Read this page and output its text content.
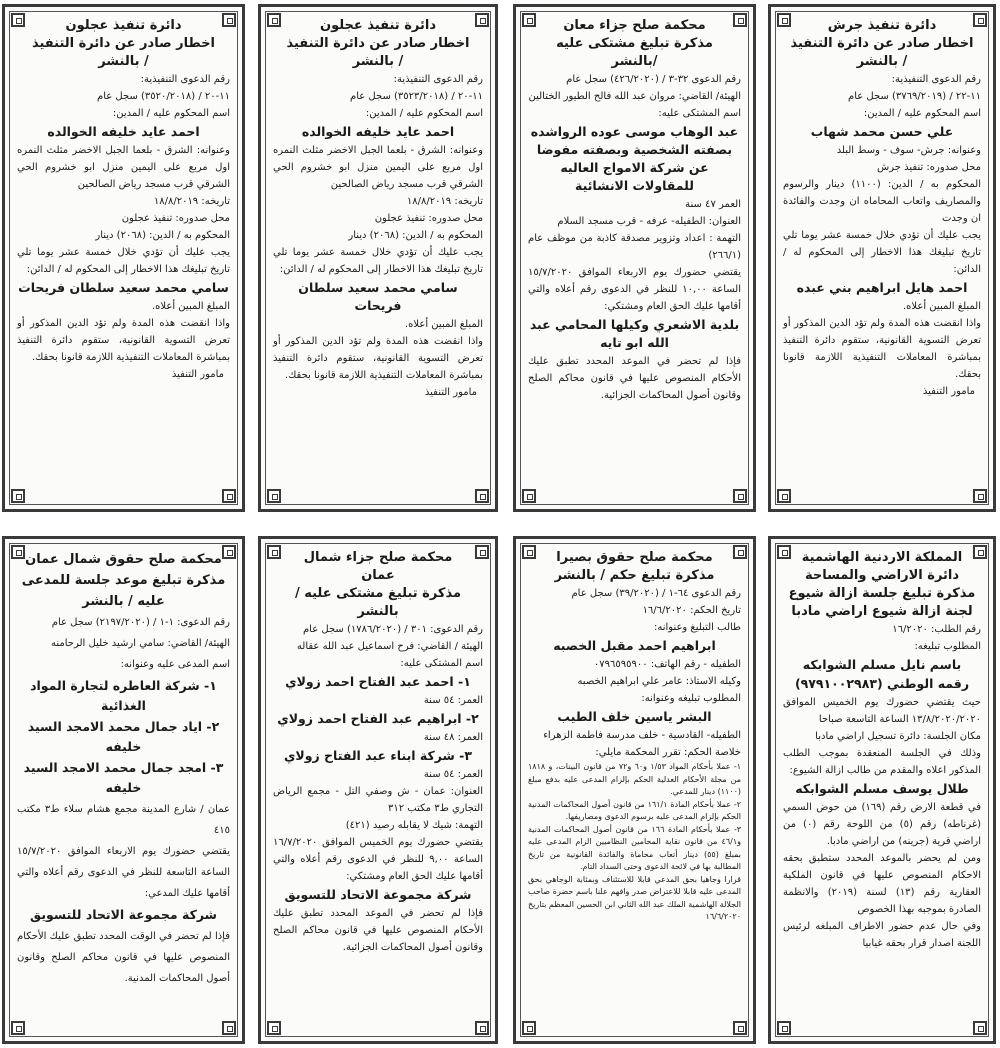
دائرة تنفيذ جرش
اخطار صادر عن دائرة التنفيذ
/ بالنشر
رقم الدعوى التنفيذية:
١١-٢٢ / (٣٧٦٩/٢٠١٩) سجل عام
اسم المحكوم عليه / المدين:
علي حسن محمد شهاب
وعنوانه: جرش- سوف - وسط البلد
محل صدوره: تنفيذ جرش
المحكوم به / الدين: (١١٠٠) دينار والرسوم والمصاريف واتعاب المحاماه ان وجدت والفائدة ان وجدت
يجب عليك أن تؤدي خلال خمسة عشر يوما تلي تاريخ تبليغك هذا الاخطار إلى المحكوم له / الدائن:
احمد هايل ابراهيم بني عبده
المبلغ المبين أعلاه.
واذا انقضت هذه المدة ولم تؤد الدين المذكور أو تعرض التسوية القانونية، ستقوم دائرة التنفيذ بمباشرة المعاملات التنفيذية اللازمة قانونا بحقك.
مامور التنفيذ
محكمة صلح جزاء معان
مذكرة تبليغ مشتكى عليه
/بالنشر
رقم الدعوى ٣٢-٣ / (٤٢٦/٢٠٢٠) سجل عام
الهيئة/ القاضي: مروان عبد الله فالح الطيور الختالين
اسم المشتكى عليه:
عبد الوهاب موسى عوده الرواشده بصفته الشخصية وبصفته مفوضا عن شركة الامواج العاليه للمقاولات الانشائية
العمر ٤٧ سنة
العنوان: الطفيله- عرفه - قرب مسجد السلام
التهمة : اعداد وتزوير مصدقة كاذبة من موظف عام (٢٦٦/١)
يقتضي حضورك يوم الاربعاء الموافق ١٥/٧/٢٠٢٠ الساعة ١٠,٠٠ للنظر في الدعوى رقم أعلاه والتي أقامها عليك الحق العام ومشتكي:
بلدية الاشعري وكيلها المحامي عبد الله ابو تايه
فإذا لم تحضر في الموعد المحدد تطبق عليك الأحكام المنصوص عليها في قانون محاكم الصلح وقانون أصول المحاكمات الجزائية.
دائرة تنفيذ عجلون
اخطار صادر عن دائرة التنفيذ
/ بالنشر
رقم الدعوى التنفيذية:
١١-٢٠ / (٣٥٢٣/٢٠١٨) سجل عام
اسم المحكوم عليه / المدين:
احمد عايد خليفه الخوالده
وعنوانه: الشرق - بلعما الجبل الاخضر مثلث النمره اول مربع على اليمين منزل ابو خشروم الحي الشرقي قرب مسجد رياض الصالحين
تاريخه: ١٨/٨/٢٠١٩
محل صدوره: تنفيذ عجلون
المحكوم به / الدين: (٢٠٦٨) دينار
يجب عليك أن تؤدي خلال خمسة عشر يوما تلي تاريخ تبليغك هذا الاخطار إلى المحكوم له / الدائن:
سامي محمد سعيد سلطان فريحات
المبلغ المبين أعلاه.
واذا انقضت هذه المدة ولم تؤد الدين المذكور أو تعرض التسوية القانونية، ستقوم دائرة التنفيذ بمباشرة المعاملات التنفيذية اللازمة قانونا بحقك.
مامور التنفيذ
دائرة تنفيذ عجلون
اخطار صادر عن دائرة التنفيذ
/ بالنشر
رقم الدعوى التنفيذية:
١١-٢٠ / (٣٥٢٠/٢٠١٨) سجل عام
اسم المحكوم عليه / المدين:
احمد عايد خليفه الخوالده
وعنوانه: الشرق - بلعما الجبل الاخضر مثلث النمره اول مربع على اليمين منزل ابو خشروم الحي الشرقي قرب مسجد رياض الصالحين
تاريخه: ١٨/٨/٢٠١٩
محل صدوره: تنفيذ عجلون
المحكوم به / الدين: (٢٠٦٨) دينار
يجب عليك أن تؤدي خلال خمسة عشر يوما تلي تاريخ تبليغك هذا الاخطار إلى المحكوم له / الدائن:
سامي محمد سعيد سلطان فريحات
المبلغ المبين أعلاه.
واذا انقضت هذه المدة ولم تؤد الدين المذكور أو تعرض التسوية القانونية، ستقوم دائرة التنفيذ بمباشرة المعاملات التنفيذية اللازمة قانونا بحقك.
مامور التنفيذ
المملكة الاردنية الهاشمية
دائرة الاراضي والمساحة
مذكرة تبليغ جلسة ازالة شيوع
لجنة ازالة شيوع اراضي مادبا
رقم الطلب: ١٦/٢٠٢٠
المطلوب تبليغه:
باسم نايل مسلم الشوابكه
رقمه الوطني (٩٧٩١٠٠٢٩٨٣)
حيث يقتضي حضورك يوم الخميس الموافق ١٣/٨/٢٠٢٠/٢٠٢٠ الساعة التاسعة صباحا
مكان الجلسة: دائرة تسجيل اراضي مادبا
وذلك في الجلسة المنعقدة بموجب الطلب المذكور اعلاه والمقدم من طالب ازالة الشيوع:
طلال يوسف مسلم الشوابكه
في قطعة الارض رقم (١٦٩) من حوض السمي (غرناطه) رقم (٥) من اللوحة رقم (٠) من اراضي قرية (جرينه) من اراضي مادبا.
ومن لم يحضر بالموعد المحدد ستطبق بحقه الاحكام المنصوص عليها في قانون الملكية العقارية رقم (١٣) لسنة (٢٠١٩) والانظمة الصادرة بموجبه بهذا الخصوص
وفي حال عدم حضور الاطراف المبلغه لرئيس اللجنة اصدار قرار بحقه غيابيا
محكمة صلح حقوق بصيرا
مذكرة تبليغ حكم / بالنشر
رقم الدعوى ٦٤-١ / (٣٩/٢٠٢٠) سجل عام
تاريخ الحكم: ١٦/٦/٢٠٢٠
طالب التبليغ وعنوانه:
ابراهيم احمد مقبل الخصبه
الطفيله - رقم الهاتف: ٠٧٩٦٥٩٥٩٠٠
وكيله الاستاذ: عامر علي ابراهيم الخصبه
المطلوب تبليغه وعنوانه:
البشر ياسين خلف الطيب
الطفيله- القادسية - خلف مدرسة فاطمة الزهراء
خلاصة الحكم: تقرر المحكمة مايلي:
١- عملا بأحكام المواد ١/٥٣ و٦٠ و٧٢ من قانون البينات، و ١٨١٨ من مجلة الأحكام العدلية الحكم بإلزام المدعى عليه بدفع مبلغ (١١٠٠) دينار للمدعي.
٢- عملا بأحكام المادة ١٦١/١ من قانون أصول المحاكمات المدنية الحكم بإلزام المدعى عليه برسوم الدعوى ومصاريفها.
٣- عملا بأحكام المادة ١٦٦ من قانون أصول المحاكمات المدنية و٤٦/١ من قانون نقابة المحامين النظاميين الزام المدعى عليه بمبلغ (٥٥) دينار أتعاب محاماة والفائدة القانونية من تاريخ المطالبة بها في لائحة الدعوى وحتى السداد التام.
قرارا وجاهيا بحق المدعي قابلا للاستئناف وبمثابة الوجاهي بحق المدعى عليه قابلا للاعتراض صدر وافهم علنا باسم حضرة صاحب الجلالة الهاشمية الملك عبد الله الثاني ابن الحسين المعظم بتاريخ ١٦/٦/٢٠٢٠
محكمة صلح جزاء شمال
عمان
مذكرة تبليغ مشتكى عليه / بالنشر
رقم الدعوى: ٣٠١ / (١٧٨٦/٢٠٢٠) سجل عام
الهيئة / القاضي: فرح اسماعيل عبد الله عقاله
اسم المشتكى عليه:
١- احمد عبد الفتاح احمد زولاي
العمر: ٥٤ سنة
٢- ابراهيم عبد الفتاح احمد زولاي
العمر: ٤٨ سنة
٣- شركة ابناء عبد الفتاح زولاي
العمر: ٥٤ سنة
العنوان: عمان - ش وصفي التل - مجمع الرياض التجاري ط٣ مكتب ٣١٢
التهمة: شيك لا يقابله رصيد (٤٢١)
يقتضي حضورك يوم الخميس الموافق ١٦/٧/٢٠٢٠ الساعة ٩,٠٠ للنظر في الدعوى رقم أعلاه والتي أقامها عليك الحق العام ومشتكي:
شركة مجموعة الاتحاد للتسويق
فإذا لم تحضر في الموعد المحدد تطبق عليك الأحكام المنصوص عليها في قانون محاكم الصلح وقانون أصول المحاكمات الجزائية.
محكمة صلح حقوق شمال عمان
مذكرة تبليغ موعد جلسة للمدعى
عليه / بالنشر
رقم الدعوى: ١-١ / (٢١٩٧/٢٠٢٠) سجل عام
الهيئة/ القاضي: سامي ارشيد خليل الرحامنه
اسم المدعى عليه وعنوانه:
١- شركة العاطره لتجارة المواد الغذائية
٢- اياد جمال محمد الامجد السيد خليفه
٣- امجد جمال محمد الامجد السيد خليفه
عمان / شارع المدينة مجمع هشام سلاء ط٣ مكتب ٤١٥
يقتضي حضورك يوم الاربعاء الموافق ١٥/٧/٢٠٢٠ الساعة التاسعة للنظر في الدعوى رقم أعلاه والتي أقامها عليك المدعي:
شركة مجموعة الاتحاد للتسويق
فإذا لم تحضر في الوقت المحدد تطبق عليك الأحكام المنصوص عليها في قانون محاكم الصلح وقانون أصول المحاكمات المدنية.
